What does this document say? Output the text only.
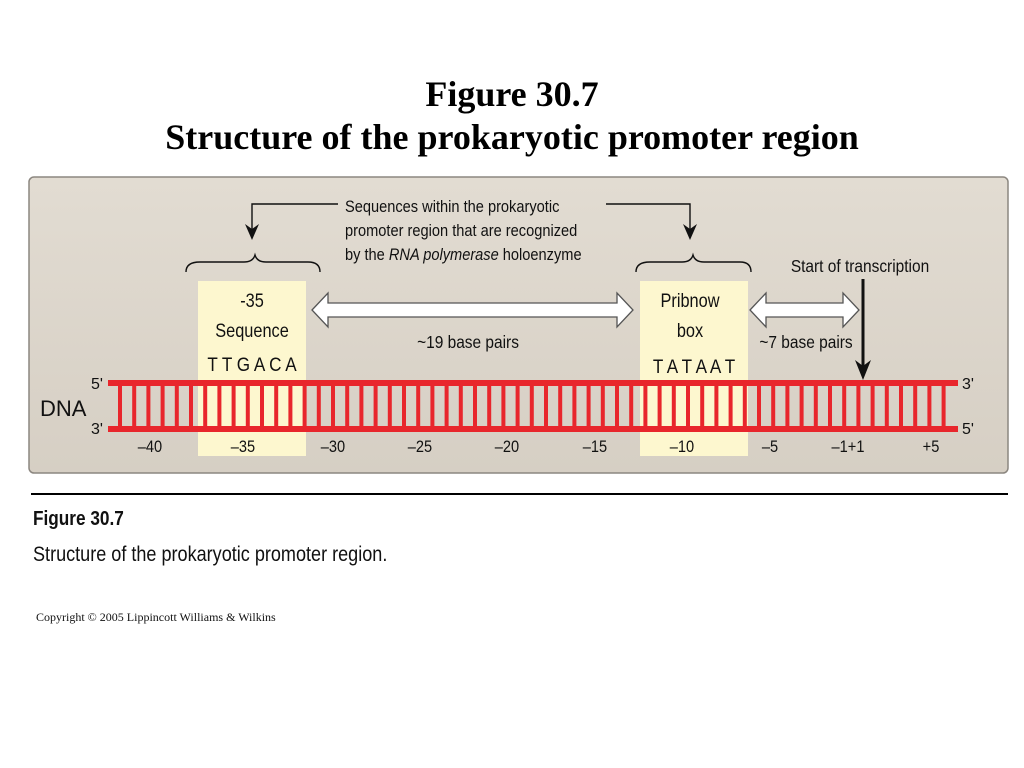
Figure 30.7
Structure of the prokaryotic promoter region
Sequences within the prokaryotic
promoter region that are recognized
by the RNA polymerase holoenzyme
-35
Sequence
T T G A C A
Pribnow
box
T A T A A T
~19 base pairs	~7 base pairs
Start of transcription
DNA
5'
3'
3'
5'
–40	–35	–30	–25	–20	–15	–10	–5	–1+1	+5
Figure 30.7
Structure of the prokaryotic promoter region.
Copyright © 2005 Lippincott Williams & Wilkins
